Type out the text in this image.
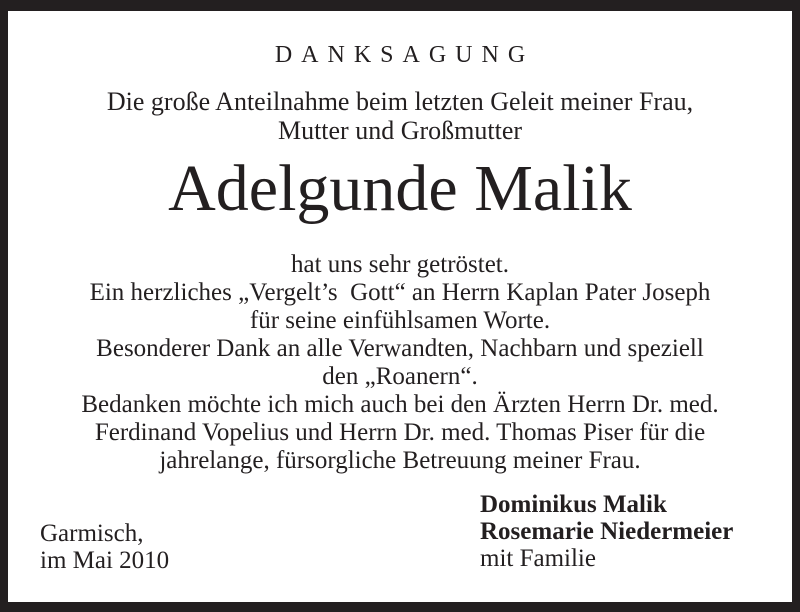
DANKSAGUNG
Die große Anteilnahme beim letzten Geleit meiner Frau,
Mutter und Großmutter
Adelgunde Malik
hat uns sehr getröstet.
Ein herzliches „Vergelt’s  Gott“ an Herrn Kaplan Pater Joseph
für seine einfühlsamen Worte.
Besonderer Dank an alle Verwandten, Nachbarn und speziell
den „Roanern“.
Bedanken möchte ich mich auch bei den Ärzten Herrn Dr. med.
Ferdinand Vopelius und Herrn Dr. med. Thomas Piser für die
jahrelange, fürsorgliche Betreuung meiner Frau.
Garmisch,
im Mai 2010
Dominikus Malik
Rosemarie Niedermeier
mit Familie
